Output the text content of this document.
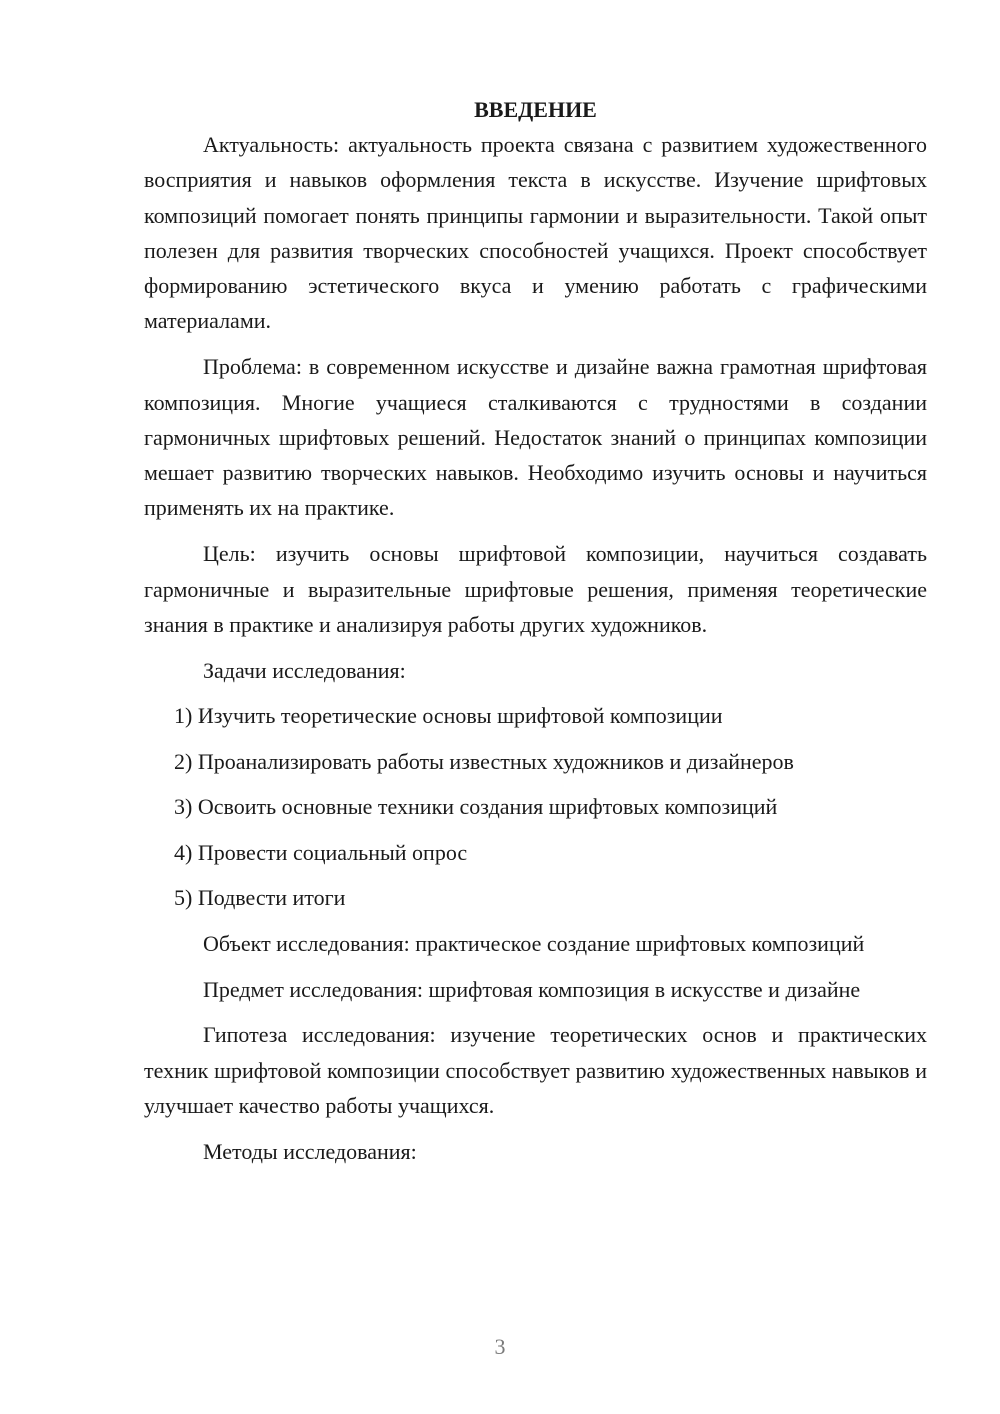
ВВЕДЕНИЕ

Актуальность: актуальность проекта связана с развитием художественного восприятия и навыков оформления текста в искусстве. Изучение шрифтовых композиций помогает понять принципы гармонии и выразительности. Такой опыт полезен для развития творческих способностей учащихся. Проект способствует формированию эстетического вкуса и умению работать с графическими материалами.

Проблема: в современном искусстве и дизайне важна грамотная шрифтовая композиция. Многие учащиеся сталкиваются с трудностями в создании гармоничных шрифтовых решений. Недостаток знаний о принципах композиции мешает развитию творческих навыков. Необходимо изучить основы и научиться применять их на практике.

Цель: изучить основы шрифтовой композиции, научиться создавать гармоничные и выразительные шрифтовые решения, применяя теоретические знания в практике и анализируя работы других художников.

Задачи исследования:

1) Изучить теоретические основы шрифтовой композиции
2) Проанализировать работы известных художников и дизайнеров
3) Освоить основные техники создания шрифтовых композиций
4) Провести социальный опрос
5) Подвести итоги

Объект исследования: практическое создание шрифтовых композиций

Предмет исследования: шрифтовая композиция в искусстве и дизайне

Гипотеза исследования: изучение теоретических основ и практических техник шрифтовой композиции способствует развитию художественных навыков и улучшает качество работы учащихся.

Методы исследования:

3
